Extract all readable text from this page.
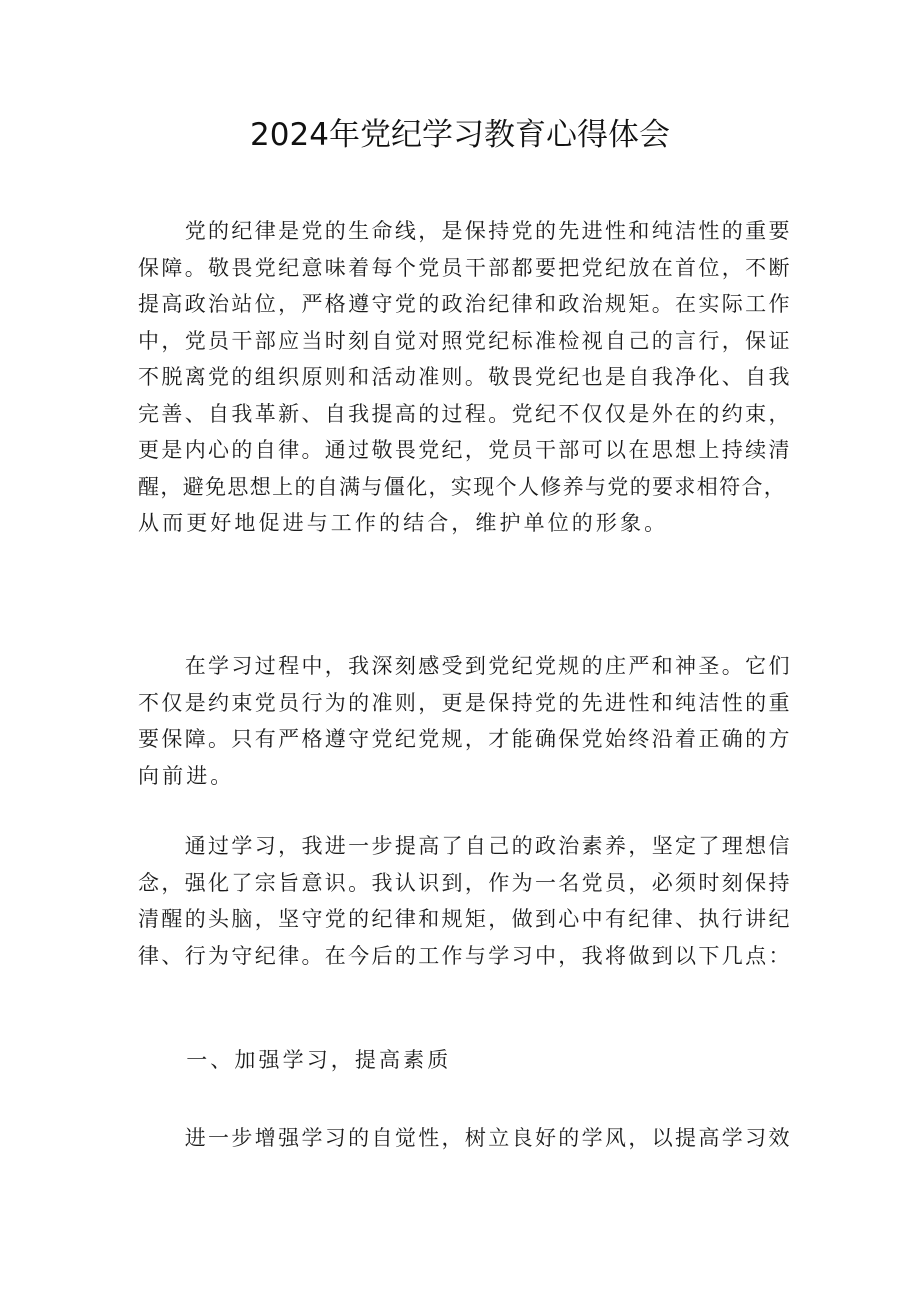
2024年党纪学习教育心得体会
　　党的纪律是党的生命线，是保持党的先进性和纯洁性的重要
保障。敬畏党纪意味着每个党员干部都要把党纪放在首位，不断
提高政治站位，严格遵守党的政治纪律和政治规矩。在实际工作
中，党员干部应当时刻自觉对照党纪标准检视自己的言行，保证
不脱离党的组织原则和活动准则。敬畏党纪也是自我净化、自我
完善、自我革新、自我提高的过程。党纪不仅仅是外在的约束，
更是内心的自律。通过敬畏党纪，党员干部可以在思想上持续清
醒，避免思想上的自满与僵化，实现个人修养与党的要求相符合，
从而更好地促进与工作的结合，维护单位的形象。
　　在学习过程中，我深刻感受到党纪党规的庄严和神圣。它们
不仅是约束党员行为的准则，更是保持党的先进性和纯洁性的重
要保障。只有严格遵守党纪党规，才能确保党始终沿着正确的方
向前进。
　　通过学习，我进一步提高了自己的政治素养，坚定了理想信
念，强化了宗旨意识。我认识到，作为一名党员，必须时刻保持
清醒的头脑，坚守党的纪律和规矩，做到心中有纪律、执行讲纪
律、行为守纪律。在今后的工作与学习中，我将做到以下几点：
　　一、加强学习，提高素质
　　进一步增强学习的自觉性，树立良好的学风，以提高学习效
